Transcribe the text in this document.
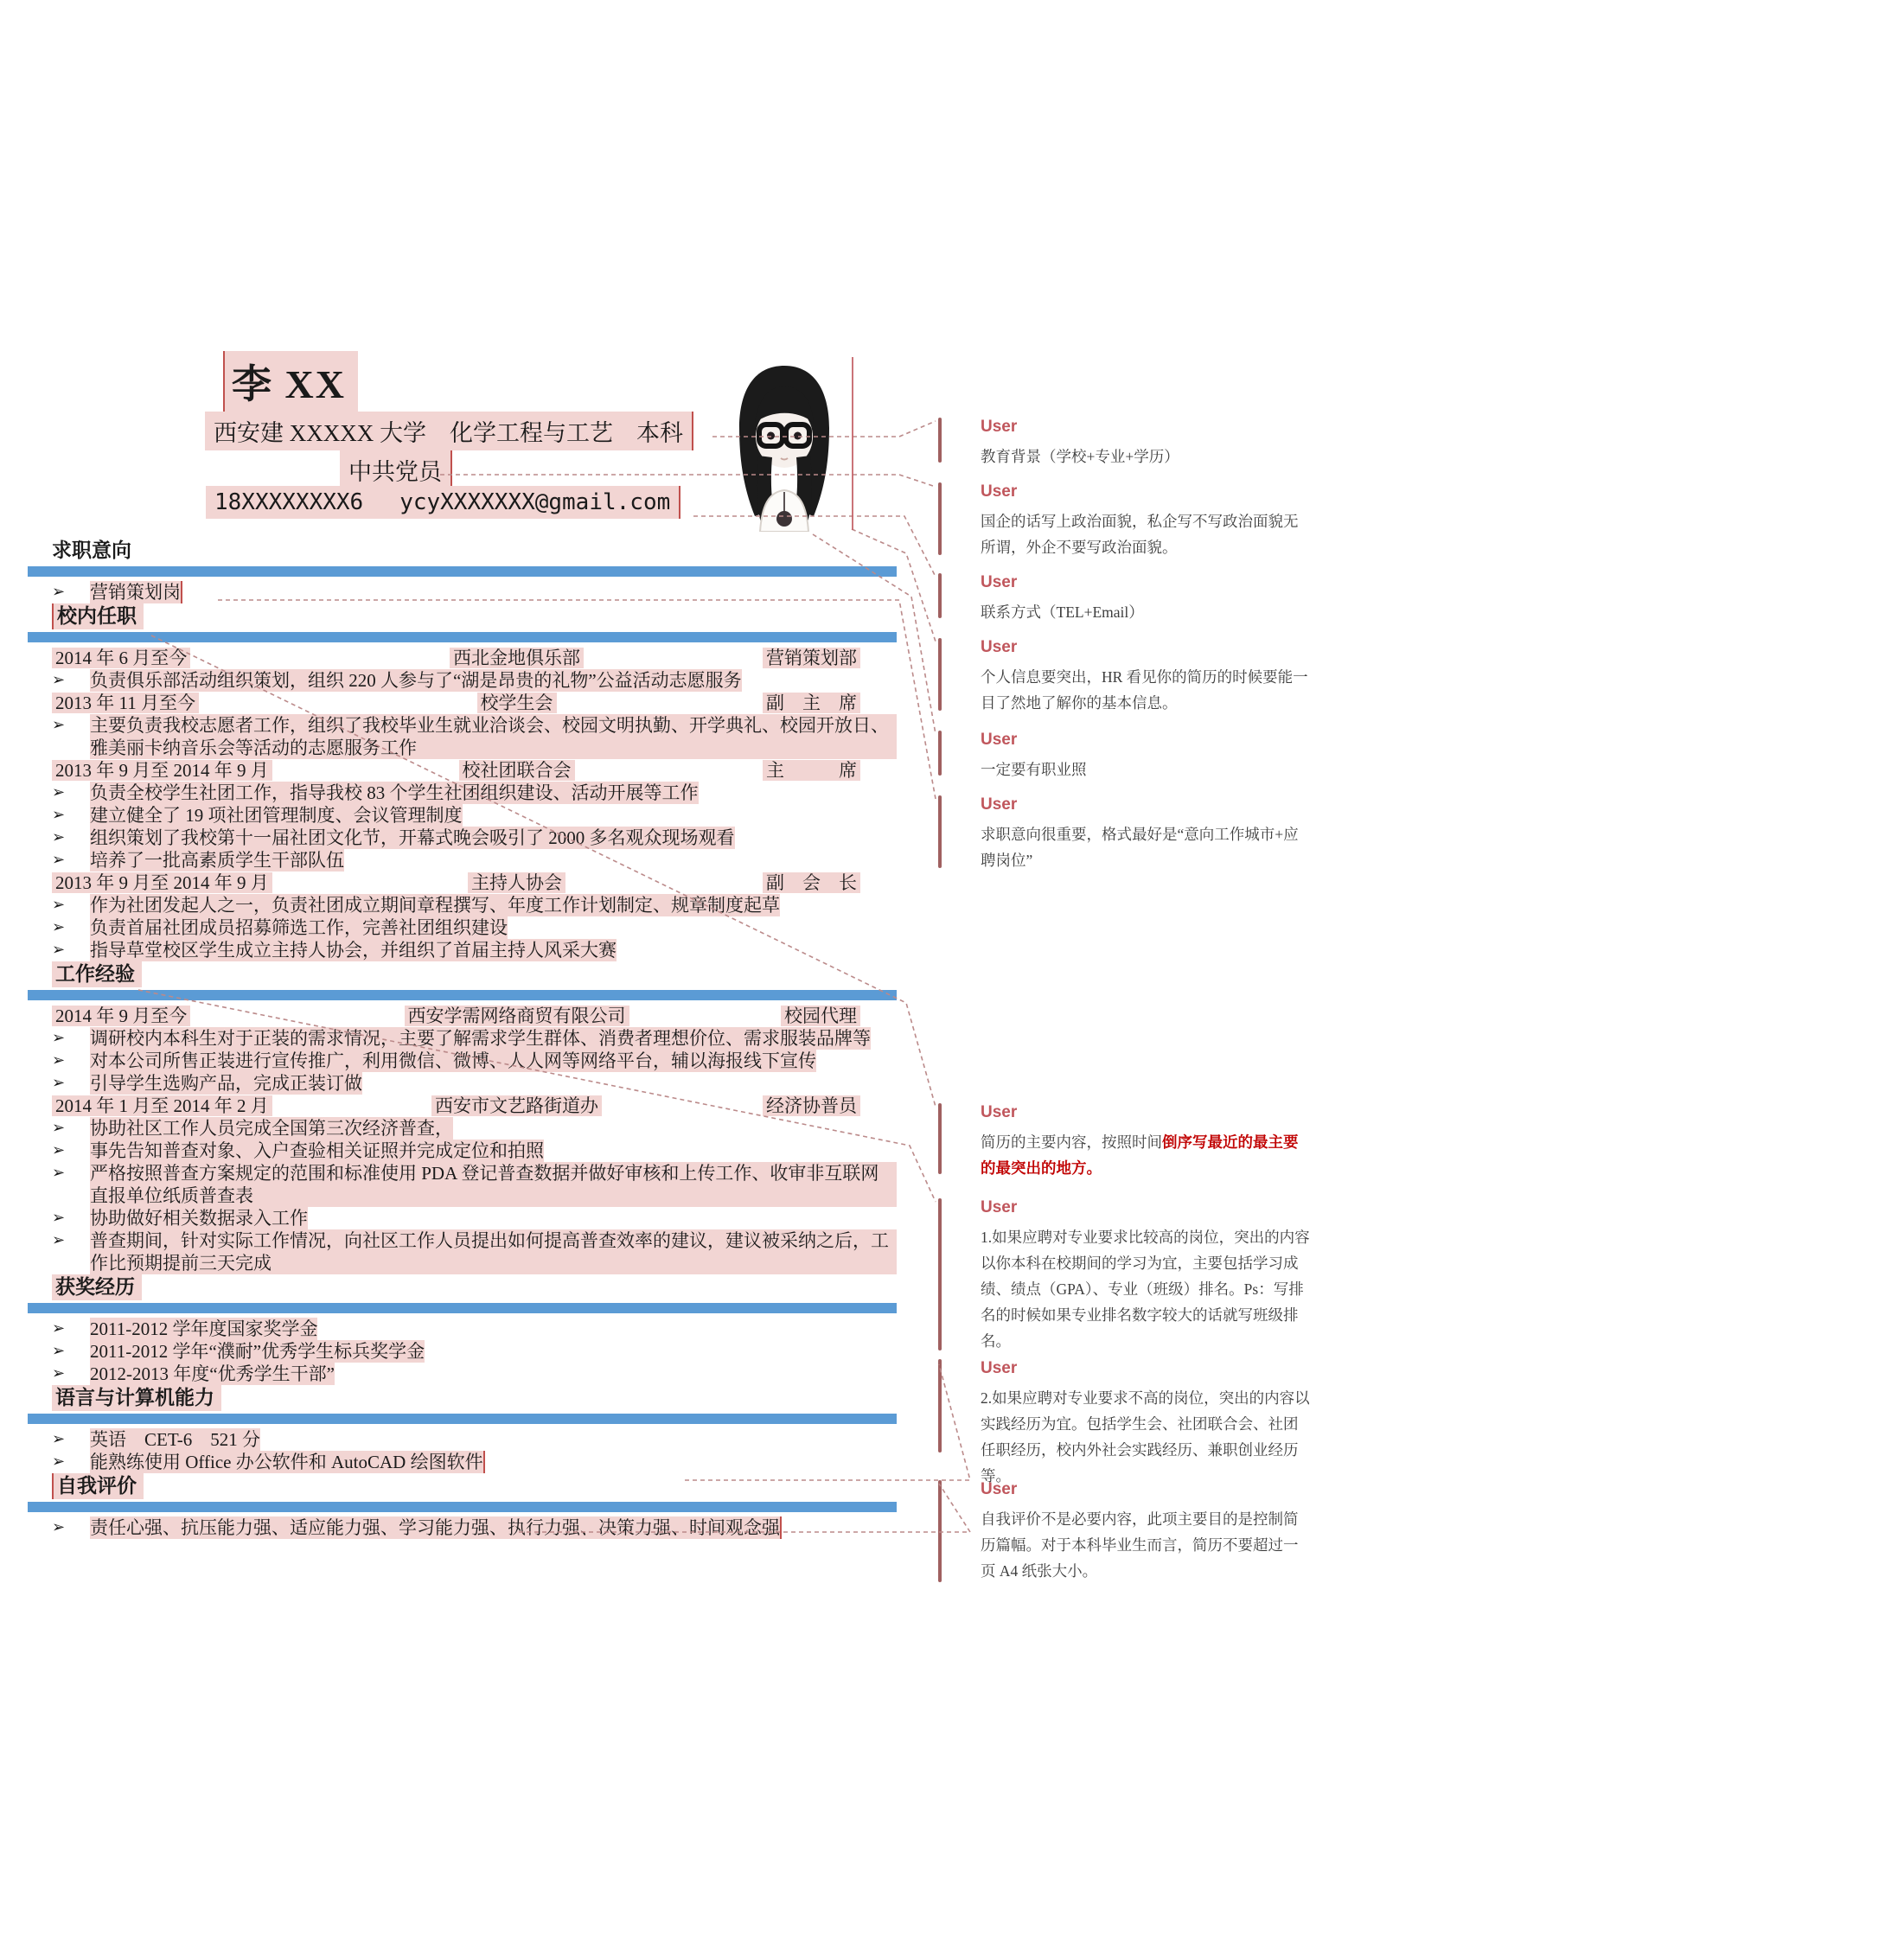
李 XX
西安建 XXXXX 大学　化学工程与工艺　本科
中共党员
18XXXXXXXX6 ycyXXXXXXX@gmail.com
求职意向
➢	营销策划岗
校内任职
2014 年 6 月至今	西北金地俱乐部	营销策划部
➢	负责俱乐部活动组织策划，组织 220 人参与了“湖是昂贵的礼物”公益活动志愿服务
2013 年 11 月至今	校学生会	副　主　席
➢	主要负责我校志愿者工作，组织了我校毕业生就业洽谈会、校园文明执勤、开学典礼、校园开放日、雅美丽卡纳音乐会等活动的志愿服务工作
2013 年 9 月至 2014 年 9 月	校社团联合会	主　　　席
➢	负责全校学生社团工作，指导我校 83 个学生社团组织建设、活动开展等工作
➢	建立健全了 19 项社团管理制度、会议管理制度
➢	组织策划了我校第十一届社团文化节，开幕式晚会吸引了 2000 多名观众现场观看
➢	培养了一批高素质学生干部队伍
2013 年 9 月至 2014 年 9 月	主持人协会	副　会　长
➢	作为社团发起人之一，负责社团成立期间章程撰写、年度工作计划制定、规章制度起草
➢	负责首届社团成员招募筛选工作，完善社团组织建设
➢	指导草堂校区学生成立主持人协会，并组织了首届主持人风采大赛
工作经验
2014 年 9 月至今	西安学需网络商贸有限公司	校园代理
➢	调研校内本科生对于正装的需求情况，主要了解需求学生群体、消费者理想价位、需求服装品牌等
➢	对本公司所售正装进行宣传推广，利用微信、微博、人人网等网络平台，辅以海报线下宣传
➢	引导学生选购产品，完成正装订做
2014 年 1 月至 2014 年 2 月	西安市文艺路街道办	经济协普员
➢	协助社区工作人员完成全国第三次经济普查，
➢	事先告知普查对象、入户查验相关证照并完成定位和拍照
➢	严格按照普查方案规定的范围和标准使用 PDA 登记普查数据并做好审核和上传工作、收审非互联网直报单位纸质普查表
➢	协助做好相关数据录入工作
➢	普查期间，针对实际工作情况，向社区工作人员提出如何提高普查效率的建议，建议被采纳之后，工作比预期提前三天完成
获奖经历
➢	2011-2012 学年度国家奖学金
➢	2011-2012 学年“濮耐”优秀学生标兵奖学金
➢	2012-2013 年度“优秀学生干部”
语言与计算机能力
➢	英语　CET-6　521 分
➢	能熟练使用 Office 办公软件和 AutoCAD 绘图软件
自我评价
➢	责任心强、抗压能力强、适应能力强、学习能力强、执行力强、决策力强、时间观念强
User
教育背景（学校+专业+学历）
User
国企的话写上政治面貌，私企写不写政治面貌无所谓，外企不要写政治面貌。
User
联系方式（TEL+Email）
User
个人信息要突出，HR 看见你的简历的时候要能一目了然地了解你的基本信息。
User
一定要有职业照
User
求职意向很重要，格式最好是“意向工作城市+应聘岗位”
User
简历的主要内容，按照时间倒序写最近的最主要的最突出的地方。
User
1.如果应聘对专业要求比较高的岗位，突出的内容以你本科在校期间的学习为宜，主要包括学习成绩、绩点（GPA）、专业（班级）排名。Ps：写排名的时候如果专业排名数字较大的话就写班级排名。
User
2.如果应聘对专业要求不高的岗位，突出的内容以实践经历为宜。包括学生会、社团联合会、社团任职经历，校内外社会实践经历、兼职创业经历等。
User
自我评价不是必要内容，此项主要目的是控制简历篇幅。对于本科毕业生而言，简历不要超过一页 A4 纸张大小。
